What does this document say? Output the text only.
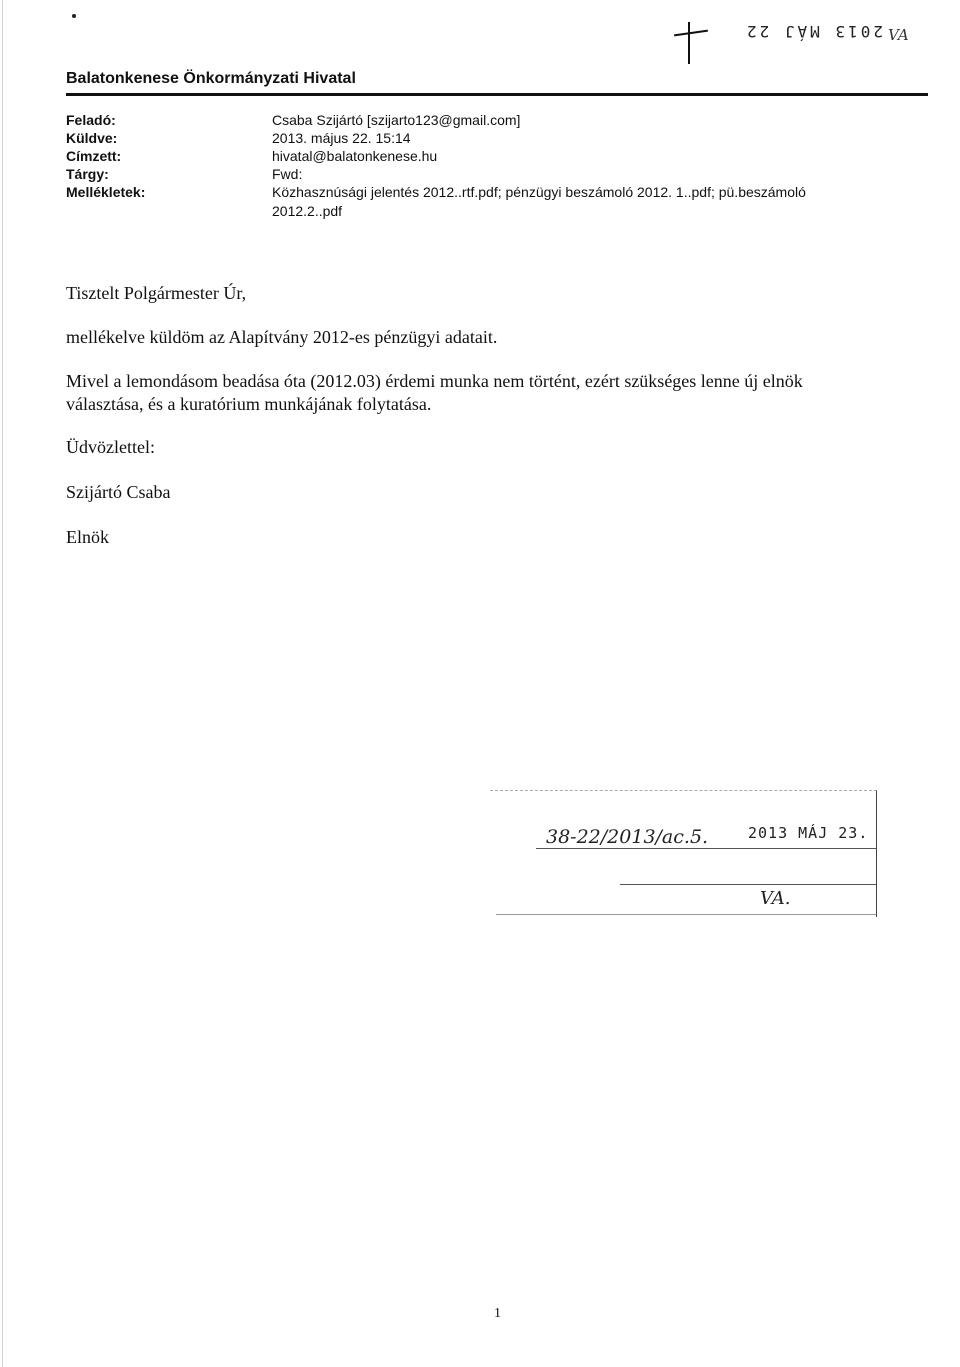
2013 MÁJ 22 VA
Balatonkenese Önkormányzati Hivatal
Feladó:	Csaba Szijártó [szijarto123@gmail.com]
Küldve:	2013. május 22. 15:14
Címzett:	hivatal@balatonkenese.hu
Tárgy:	Fwd:
Mellékletek:	Közhasznúsági jelentés 2012..rtf.pdf; pénzügyi beszámoló 2012. 1..pdf; pü.beszámoló
2012.2..pdf
Tisztelt Polgármester Úr,
mellékelve küldöm az Alapítvány 2012-es pénzügyi adatait.
Mivel a lemondásom beadása óta (2012.03) érdemi munka nem történt, ezért szükséges lenne új elnök
választása, és a kuratórium munkájának folytatása.
Üdvözlettel:
Szijártó Csaba
Elnök
38-22/2013/ac.5.	2013 MÁJ 23.
VA.
1
